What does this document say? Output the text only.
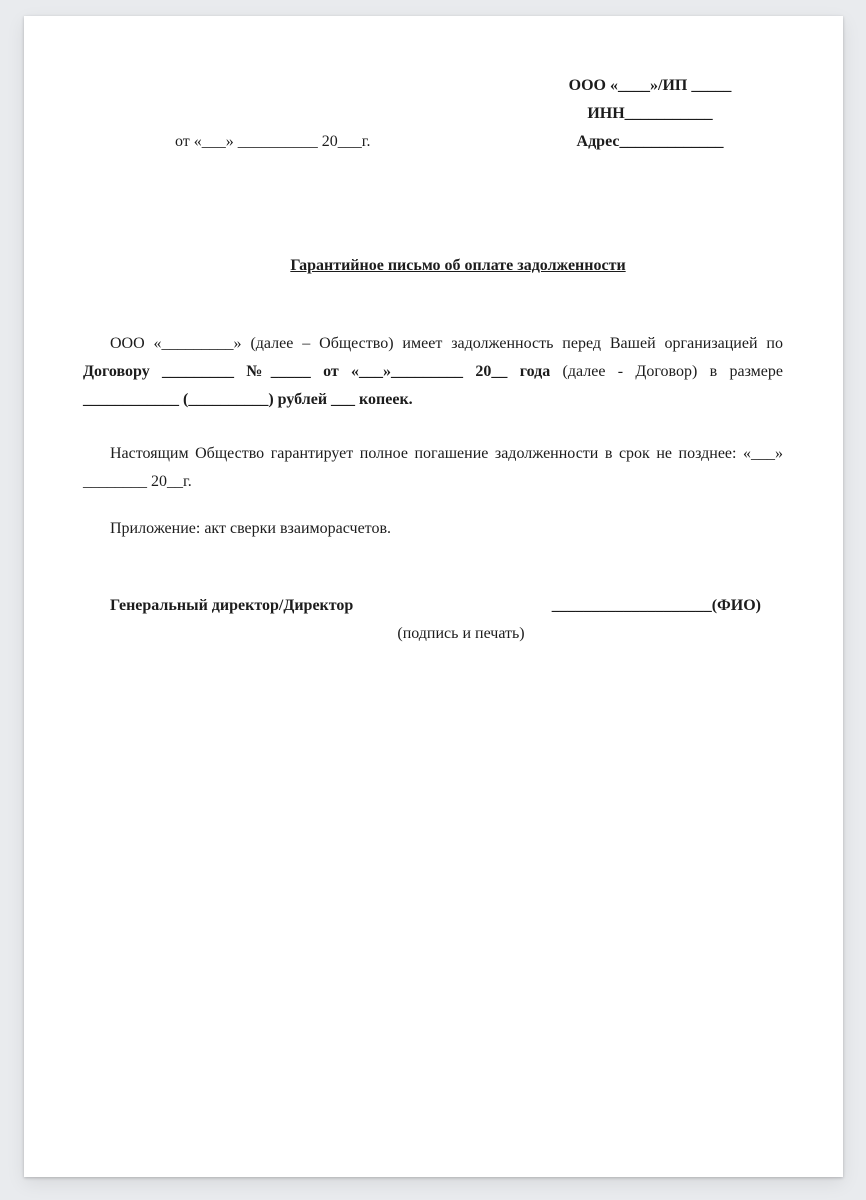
ООО «____»/ИП _____
ИНН___________
Адрес_____________
от «___» __________ 20___г.
Гарантийное письмо об оплате задолженности

ООО «_________» (далее – Общество) имеет задолженность перед Вашей организацией по Договору _________ №_____ от «___»_________ 20__ года (далее - Договор) в размере ____________ (__________) рублей ___ копеек.

Настоящим Общество гарантирует полное погашение задолженности в срок не позднее: «___» ________ 20__г.

Приложение: акт сверки взаиморасчетов.
Генеральный директор/Директор	____________________(ФИО)
(подпись и печать)
